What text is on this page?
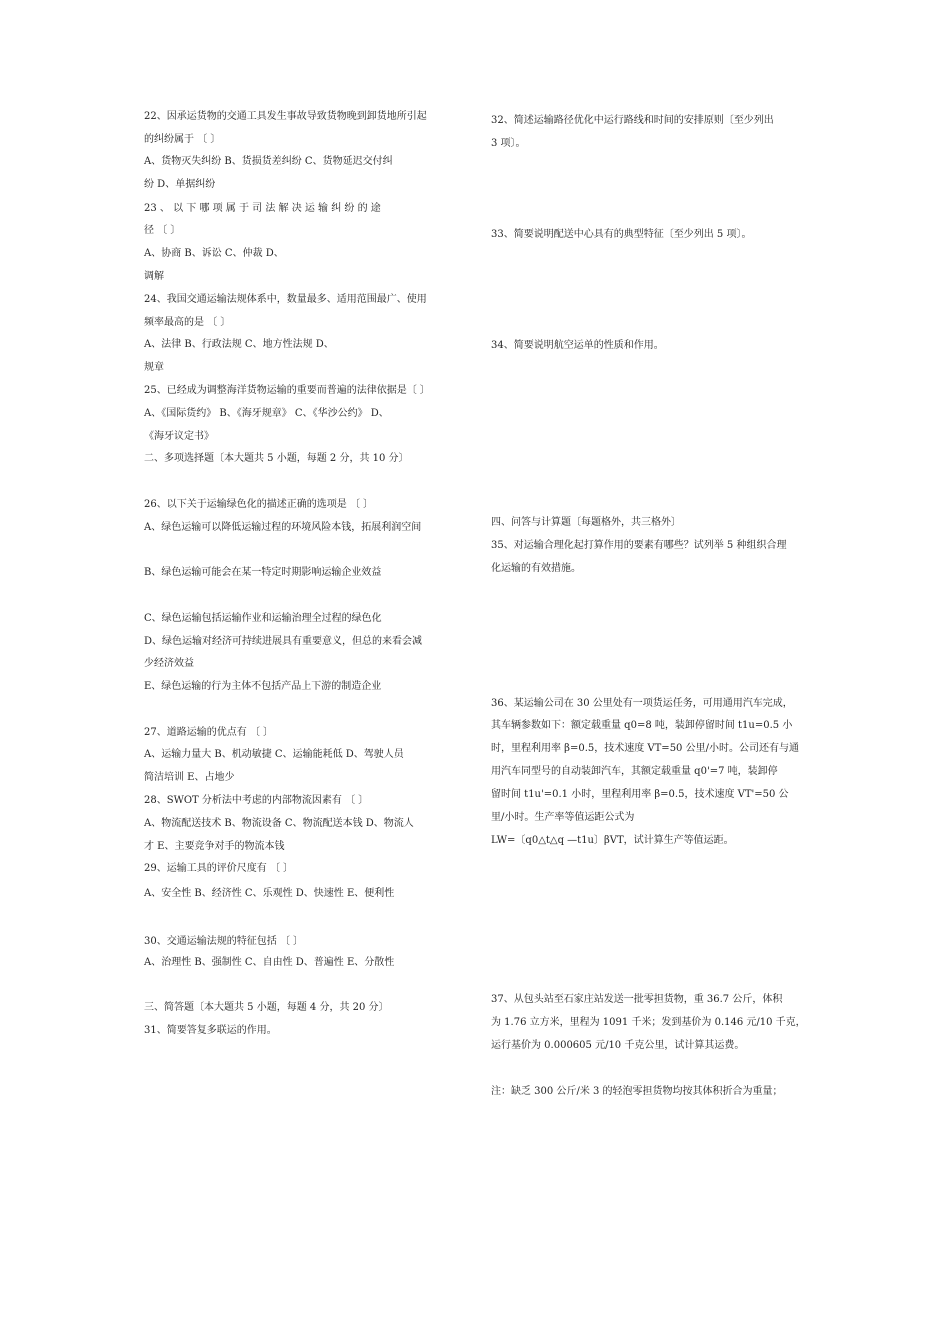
22、因承运货物的交通工具发生事故导致货物晚到卸货地所引起
的纠纷属于 〔 〕
A、货物灭失纠纷 B、货损货差纠纷 C、货物延迟交付纠
纷 D、单据纠纷
23 、 以 下 哪 项 属 于 司 法 解 决 运 输 纠 纷 的 途
径 〔 〕
A、协商 B、诉讼 C、仲裁 D、
调解
24、我国交通运输法规体系中，数量最多、适用范围最广、使用
频率最高的是 〔 〕
A、法律 B、行政法规 C、地方性法规 D、
规章
25、已经成为调整海洋货物运输的重要而普遍的法律依据是〔 〕
A、《国际货约》 B、《海牙规章》 C、《华沙公约》 D、
《海牙议定书》
二、多项选择题〔本大题共 5 小题，每题 2 分，共 10 分〕
26、以下关于运输绿色化的描述正确的选项是 〔 〕
A、绿色运输可以降低运输过程的环境风险本钱，拓展利润空间
B、绿色运输可能会在某一特定时期影响运输企业效益
C、绿色运输包括运输作业和运输治理全过程的绿色化
D、绿色运输对经济可持续进展具有重要意义，但总的来看会减
少经济效益
E、绿色运输的行为主体不包括产品上下游的制造企业
27、道路运输的优点有 〔 〕
A、运输力量大 B、机动敏捷 C、运输能耗低 D、驾驶人员
简洁培训 E、占地少
28、SWOT 分析法中考虑的内部物流因素有 〔 〕
A、物流配送技术 B、物流设备 C、物流配送本钱 D、物流人
才 E、主要竞争对手的物流本钱
29、运输工具的评价尺度有 〔 〕
A、安全性 B、经济性 C、乐观性 D、快速性 E、便利性
30、交通运输法规的特征包括 〔 〕
A、治理性 B、强制性 C、自由性 D、普遍性 E、分散性
三、简答题〔本大题共 5 小题，每题 4 分，共 20 分〕
31、简要答复多联运的作用。
32、简述运输路径优化中运行路线和时间的安排原则〔至少列出
3 项〕。
33、简要说明配送中心具有的典型特征〔至少列出 5 项〕。
34、简要说明航空运单的性质和作用。
四、问答与计算题〔每题格外，共三格外〕
35、对运输合理化起打算作用的要素有哪些？试列举 5 种组织合理
化运输的有效措施。
36、某运输公司在 30 公里处有一项货运任务，可用通用汽车完成，
其车辆参数如下：额定载重量 q0=8 吨，装卸停留时间 t1u=0.5 小
时，里程利用率 β=0.5，技术速度 VT=50 公里/小时。公司还有与通
用汽车同型号的自动装卸汽车，其额定载重量 q0'=7 吨，装卸停
留时间 t1u'=0.1 小时，里程利用率 β=0.5，技术速度 VT'=50 公
里/小时。生产率等值运距公式为
LW=〔q0△t△q —t1u〕βVT，试计算生产等值运距。
37、从包头站至石家庄站发送一批零担货物，重 36.7 公斤，体积
为 1.76 立方米，里程为 1091 千米；发到基价为 0.146 元/10 千克，
运行基价为 0.000605 元/10 千克公里，试计算其运费。
注：缺乏 300 公斤/米 3 的轻泡零担货物均按其体积折合为重量；
